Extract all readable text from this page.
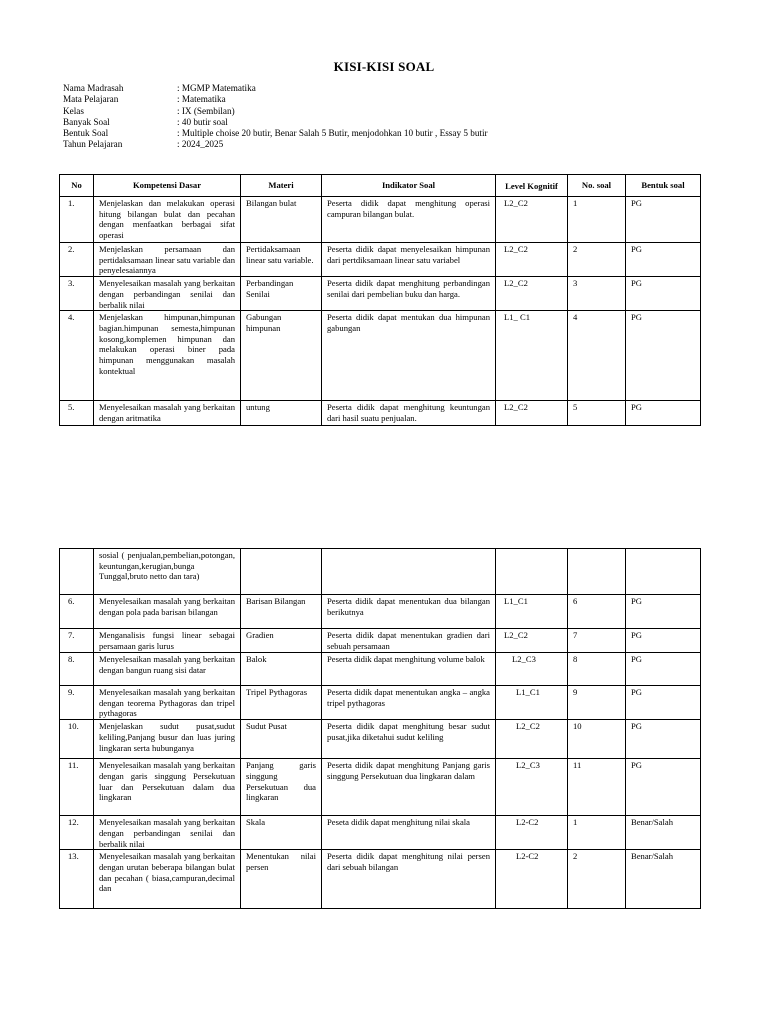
KISI-KISI SOAL
Nama Madrasah	: MGMP Matematika
Mata Pelajaran	: Matematika
Kelas	: IX (Sembilan)
Banyak Soal	: 40 butir soal
Bentuk Soal	: Multiple choise 20 butir, Benar Salah 5 Butir, menjodohkan 10 butir , Essay 5 butir
Tahun Pelajaran	: 2024_2025
No	Kompetensi Dasar	Materi	Indikator Soal	Level Kognitif	No. soal	Bentuk soal

1.	Menjelaskan dan melakukan operasi hitung bilangan bulat dan pecahan dengan menfaatkan berbagai sifat operasi	Bilangan bulat	Peserta didik dapat menghitung operasi campuran bilangan bulat.	L2_C2	1	PG

2.	Menjelaskan persamaan dan pertidaksamaan linear satu variable dan penyelesaiannya	Pertidaksamaan linear satu variable.	Peserta didik dapat menyelesaikan himpunan dari pertdiksamaan linear satu variabel	L2_C2	2	PG

3.	Menyelesaikan masalah yang berkaitan dengan perbandingan senilai dan berbalik nilai	Perbandingan Senilai	Peserta didik dapat menghitung perbandingan senilai dari pembelian buku dan harga.	L2_C2	3	PG

4.	Menjelaskan himpunan,himpunan bagian.himpunan semesta,himpunan kosong,komplemen himpunan dan melakukan operasi biner pada himpunan menggunakan masalah kontektual	Gabungan himpunan	Peserta didik dapat mentukan dua himpunan gabungan	L1_ C1	4	PG

5.	Menyelesaikan masalah yang berkaitan dengan aritmatika	untung	Peserta didik dapat menghitung keuntungan dari hasil suatu penjualan.	L2_C2	5	PG

	sosial ( penjualan,pembelian,potongan, keuntungan,kerugian,bunga Tunggal,bruto netto dan tara)					

6.	Menyelesaikan masalah yang berkaitan dengan pola pada barisan bilangan	Barisan Bilangan	Peserta didik dapat menentukan dua bilangan berikutnya	L1_C1	6	PG

7.	Menganalisis fungsi linear sebagai persamaan garis lurus	Gradien	Peserta didik dapat menentukan gradien dari sebuah persamaan	L2_C2	7	PG

8.	Menyelesaikan masalah yang berkaitan dengan bangun ruang sisi datar	Balok	Peserta didik dapat menghitung volume balok	L2_C3	8	PG

9.	Menyelesaikan masalah yang berkaitan dengan teorema Pythagoras dan tripel pythagoras	Tripel Pythagoras	Peserta didik dapat menentukan angka – angka tripel pythagoras	L1_C1	9	PG

10.	Menjelaskan sudut pusat,sudut keliling,Panjang busur dan luas juring lingkaran serta hubunganya	Sudut Pusat	Peserta didik dapat menghitung besar sudut pusat,jika diketahui sudut keliling	L2_C2	10	PG

11.	Menyelesaikan masalah yang berkaitan dengan garis singgung Persekutuan luar dan Persekutuan dalam dua lingkaran	Panjang garis singgung Persekutuan dua lingkaran	Peserta didik dapat menghitung Panjang garis singgung Persekutuan dua lingkaran dalam	L2_C3	11	PG

12.	Menyelesaikan masalah yang berkaitan dengan perbandingan senilai dan berbalik nilai	Skala	Peseta didik dapat menghitung nilai skala	L2-C2	1	Benar/Salah

13.	Menyelesaikan masalah yang berkaitan dengan urutan beberapa bilangan bulat dan pecahan ( biasa,campuran,decimal dan	Menentukan nilai persen	Peserta didik dapat menghitung nilai persen dari sebuah bilangan	L2-C2	2	Benar/Salah
